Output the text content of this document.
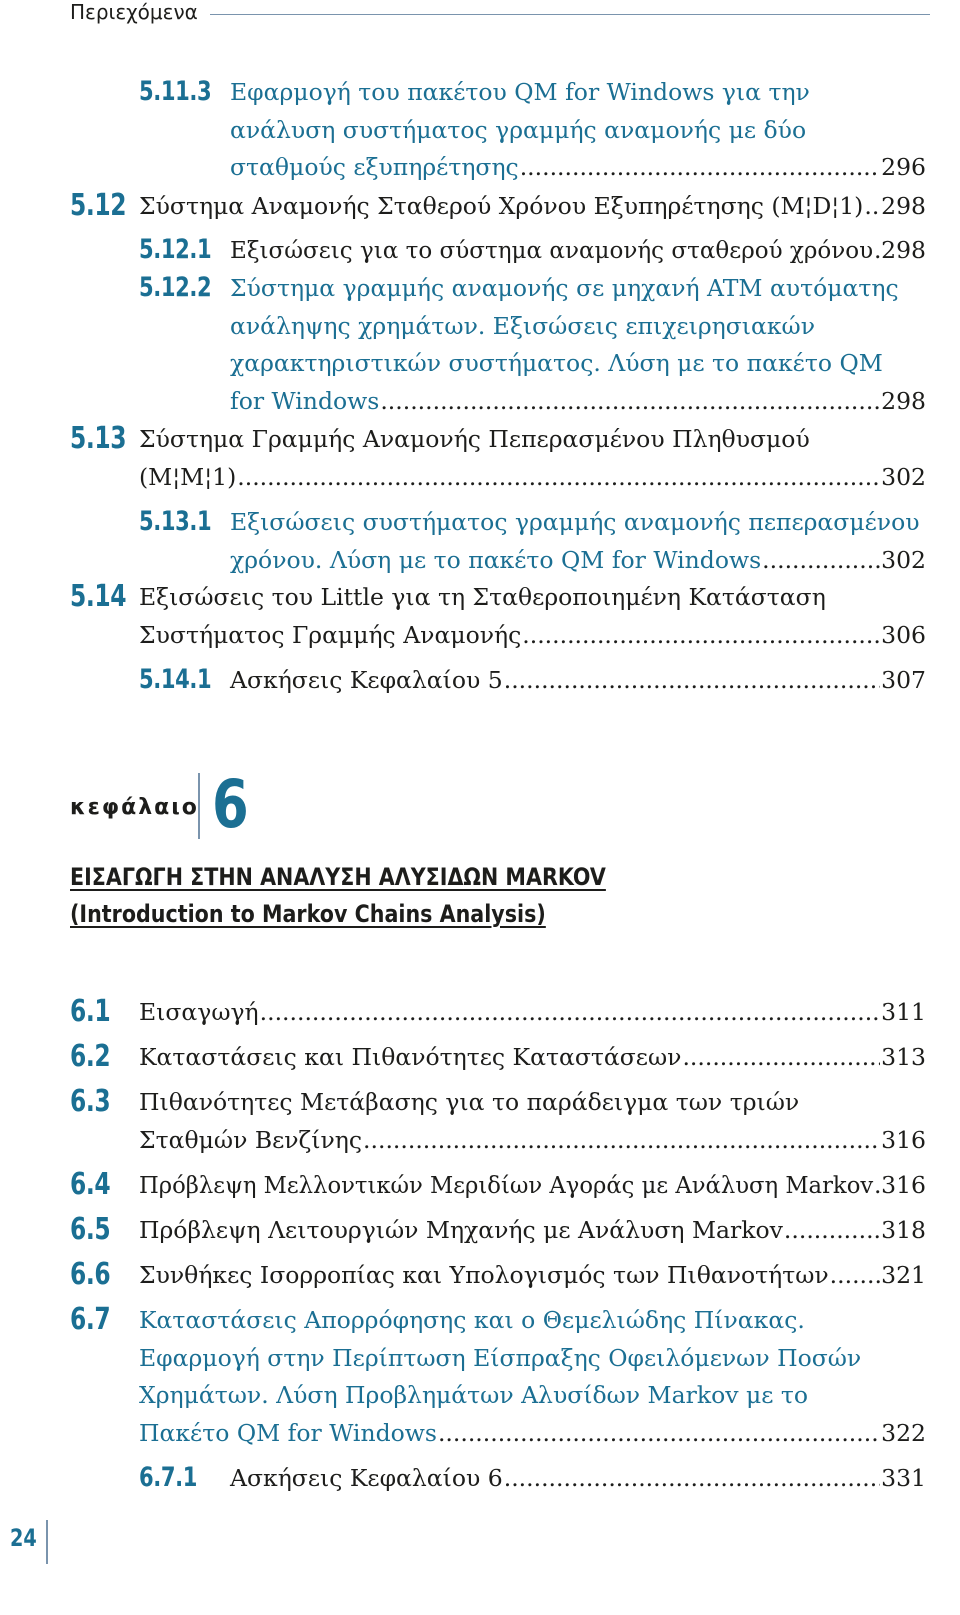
Περιεχόμενα
5.11.3 Εφαρμογή του πακέτου QM for Windows για την
ανάλυση συστήματος γραμμής αναμονής με δύο
σταθμούς εξυπηρέτησης .....	296
5.12 Σύστημα Αναμονής Σταθερού Χρόνου Εξυπηρέτησης (M¦D¦1) ..... 298
5.12.1 Εξισώσεις για το σύστημα αναμονής σταθερού χρόνου ..... 298
5.12.2 Σύστημα γραμμής αναμονής σε μηχανή ATM αυτόματης
ανάληψης χρημάτων. Εξισώσεις επιχειρησιακών
χαρακτηριστικών συστήματος. Λύση με το πακέτο QM
for Windows .....	298
5.13 Σύστημα Γραμμής Αναμονής Πεπερασμένου Πληθυσμού
(M¦M¦1) .....	302
5.13.1 Εξισώσεις συστήματος γραμμής αναμονής πεπερασμένου
χρόνου. Λύση με το πακέτο QM for Windows .....	302
5.14 Εξισώσεις του Little για τη Σταθεροποιημένη Κατάσταση
Συστήματος Γραμμής Αναμονής .....	306
5.14.1 Ασκήσεις Κεφαλαίου 5 .....	307
κεφάλαιο 6
ΕΙΣΑΓΩΓΗ ΣΤΗΝ ΑΝΑΛΥΣΗ ΑΛΥΣΙΔΩΝ MARKOV
(Introduction to Markov Chains Analysis)
6.1 Εισαγωγή .....	311
6.2 Καταστάσεις και Πιθανότητες Καταστάσεων .....	313
6.3 Πιθανότητες Μετάβασης για το παράδειγμα των τριών
Σταθμών Βενζίνης .....	316
6.4 Πρόβλεψη Μελλοντικών Μεριδίων Αγοράς με Ανάλυση Markov ..... 316
6.5 Πρόβλεψη Λειτουργιών Μηχανής με Ανάλυση Markov .....	318
6.6 Συνθήκες Ισορροπίας και Υπολογισμός των Πιθανοτήτων ..... 321
6.7 Καταστάσεις Απορρόφησης και ο Θεμελιώδης Πίνακας.
Εφαρμογή στην Περίπτωση Είσπραξης Οφειλόμενων Ποσών
Χρημάτων. Λύση Προβλημάτων Αλυσίδων Markov με το
Πακέτο QM for Windows .....	322
6.7.1 Ασκήσεις Κεφαλαίου 6 .....	331
24
